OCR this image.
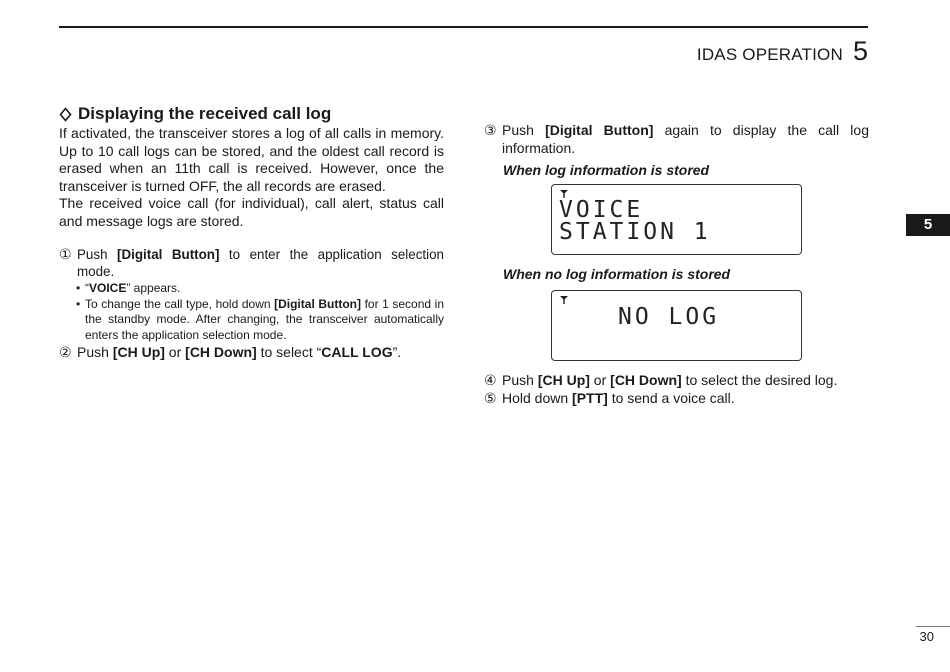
IDAS OPERATION 5
5
Displaying the received call log

If activated, the transceiver stores a log of all calls in memory. Up to 10 call logs can be stored, and the oldest call record is erased when an 11th call is received. However, once the transceiver is turned OFF, the all records are erased.

The received voice call (for individual), call alert, status call and message logs are stored.

① Push [Digital Button] to enter the application selection mode.
• “VOICE” appears.
• To change the call type, hold down [Digital Button] for 1 second in the standby mode. After changing, the transceiver automatically enters the application selection mode.
② Push [CH Up] or [CH Down] to select “CALL LOG”.
③ Push [Digital Button] again to display the call log information.
When log information is stored
VOICE
STATION 1
When no log information is stored
NO LOG
④ Push [CH Up] or [CH Down] to select the desired log.
⑤ Hold down [PTT] to send a voice call.
30
